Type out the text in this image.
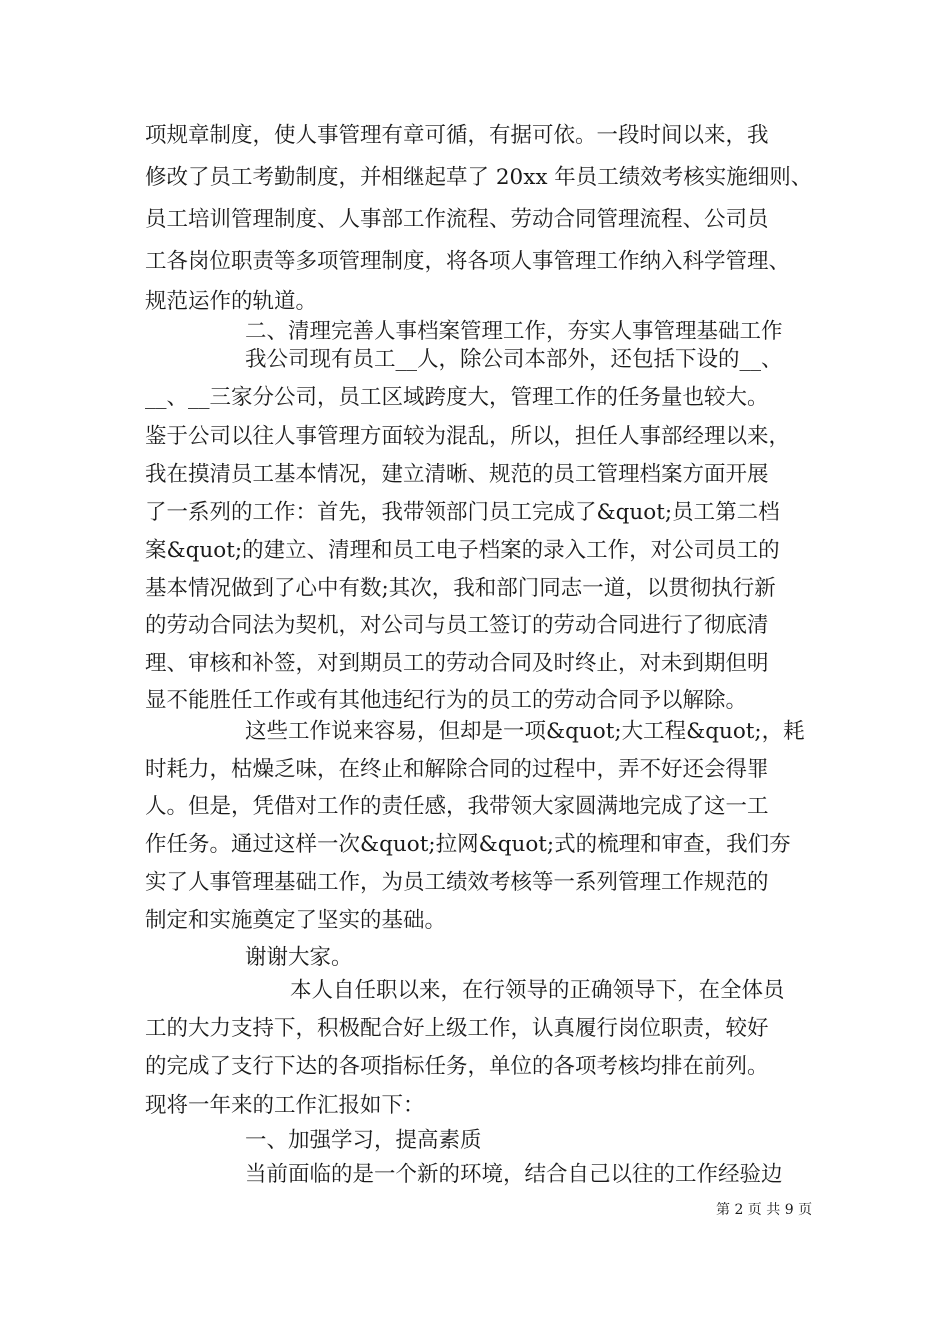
项规章制度，使人事管理有章可循，有据可依。一段时间以来，我
修改了员工考勤制度，并相继起草了 20xx 年员工绩效考核实施细则、
员工培训管理制度、人事部工作流程、劳动合同管理流程、公司员
工各岗位职责等多项管理制度，将各项人事管理工作纳入科学管理、
规范运作的轨道。
二、清理完善人事档案管理工作，夯实人事管理基础工作
我公司现有员工__人，除公司本部外，还包括下设的__、
__、__三家分公司，员工区域跨度大，管理工作的任务量也较大。
鉴于公司以往人事管理方面较为混乱，所以，担任人事部经理以来，
我在摸清员工基本情况，建立清晰、规范的员工管理档案方面开展
了一系列的工作：首先，我带领部门员工完成了&quot;员工第二档
案&quot;的建立、清理和员工电子档案的录入工作，对公司员工的
基本情况做到了心中有数;其次，我和部门同志一道，以贯彻执行新
的劳动合同法为契机，对公司与员工签订的劳动合同进行了彻底清
理、审核和补签，对到期员工的劳动合同及时终止，对未到期但明
显不能胜任工作或有其他违纪行为的员工的劳动合同予以解除。
这些工作说来容易，但却是一项&quot;大工程&quot;，耗
时耗力，枯燥乏味，在终止和解除合同的过程中，弄不好还会得罪
人。但是，凭借对工作的责任感，我带领大家圆满地完成了这一工
作任务。通过这样一次&quot;拉网&quot;式的梳理和审查，我们夯
实了人事管理基础工作，为员工绩效考核等一系列管理工作规范的
制定和实施奠定了坚实的基础。
谢谢大家。
本人自任职以来，在行领导的正确领导下，在全体员
工的大力支持下，积极配合好上级工作，认真履行岗位职责，较好
的完成了支行下达的各项指标任务，单位的各项考核均排在前列。
现将一年来的工作汇报如下：
一、加强学习，提高素质
当前面临的是一个新的环境，结合自己以往的工作经验边
第 2 页 共 9 页
